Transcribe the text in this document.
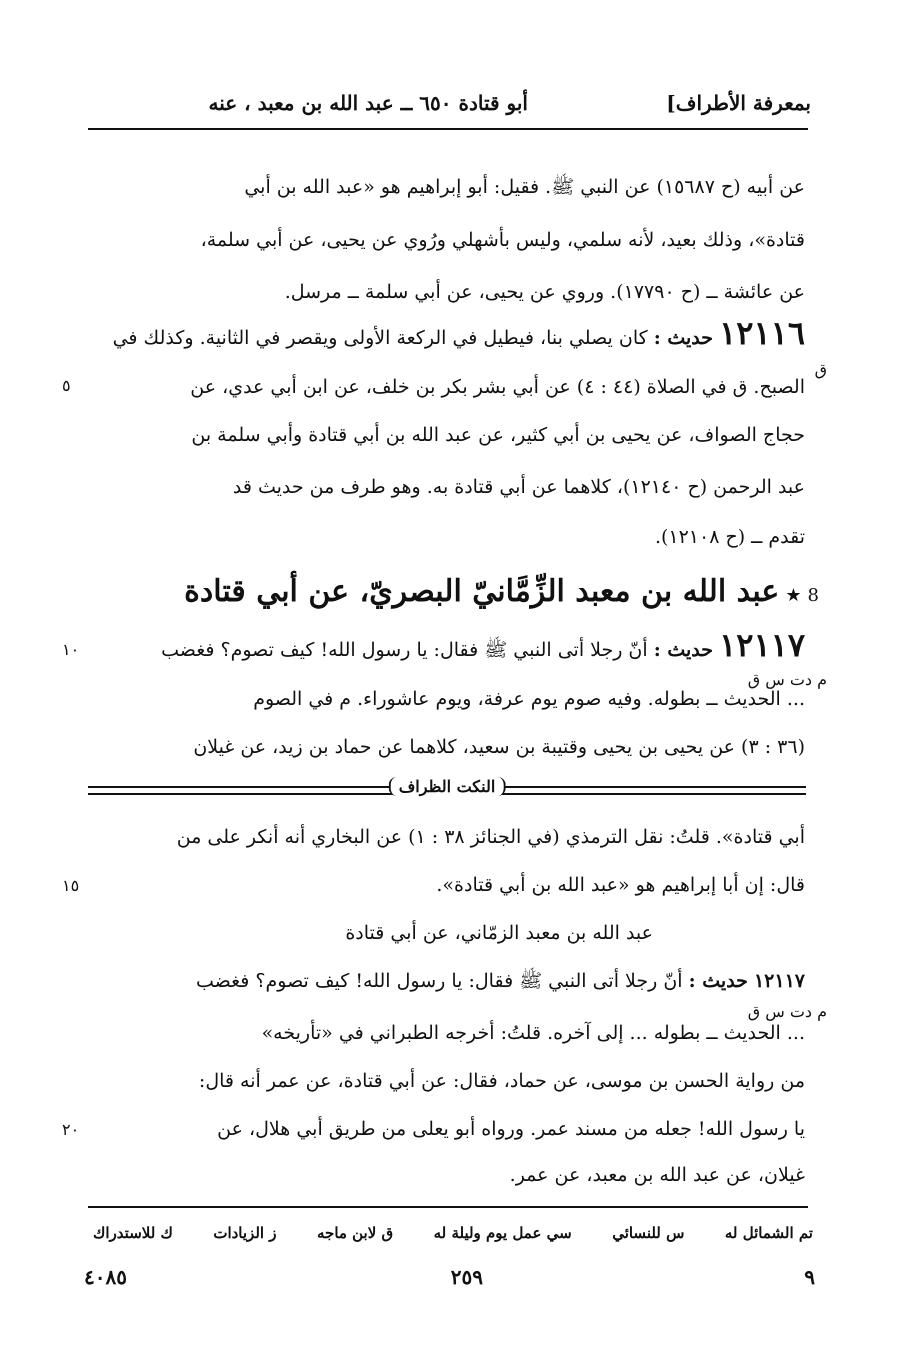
بمعرفة الأطراف]
أبو قتادة ٦٥٠ ــ عبد الله بن معبد ، عنه
عن أبيه (ح ١٥٦٨٧) عن النبي ﷺ. فقيل: أبو إبراهيم هو «عبد الله بن أبي
قتادة»، وذلك بعيد، لأنه سلمي، وليس بأشهلي ورُوي عن يحيى، عن أبي سلمة،
عن عائشة ــ (ح ١٧٧٩٠). وروي عن يحيى، عن أبي سلمة ــ مرسل.
١٢١١٦ حديث : كان يصلي بنا، فيطيل في الركعة الأولى ويقصر في الثانية. وكذلك في
ق
٥	الصبح. ق في الصلاة (٤٤ : ٤) عن أبي بشر بكر بن خلف، عن ابن أبي عدي، عن
حجاج الصواف، عن يحيى بن أبي كثير، عن عبد الله بن أبي قتادة وأبي سلمة بن
عبد الرحمن (ح ١٢١٤٠)، كلاهما عن أبي قتادة به. وهو طرف من حديث قد
تقدم ــ (ح ١٢١٠٨).
8 ★ عبد الله بن معبد الزِّمَّانيّ البصريّ، عن أبي قتادة
١٢١١٧ حديث : أنّ رجلا أتى النبي ﷺ فقال: يا رسول الله! كيف تصوم؟ فغضب
م دت س ق
١٠
... الحديث ــ بطوله. وفيه صوم يوم عرفة، ويوم عاشوراء. م في الصوم
(٣٦ : ٣) عن يحيى بن يحيى وقتيبة بن سعيد، كلاهما عن حماد بن زيد، عن غيلان
النكت الظراف
أبي قتادة». قلتُ: نقل الترمذي (في الجنائز ٣٨ : ١) عن البخاري أنه أنكر على من
قال: إن أبا إبراهيم هو «عبد الله بن أبي قتادة».
١٥
عبد الله بن معبد الزمّاني، عن أبي قتادة
١٢١١٧ حديث : أنّ رجلا أتى النبي ﷺ فقال: يا رسول الله! كيف تصوم؟ فغضب
م دت س ق
... الحديث ــ بطوله ... إلى آخره. قلتُ: أخرجه الطبراني في «تأريخه»
من رواية الحسن بن موسى، عن حماد، فقال: عن أبي قتادة، عن عمر أنه قال:
يا رسول الله! جعله من مسند عمر. ورواه أبو يعلى من طريق أبي هلال، عن
٢٠
غيلان، عن عبد الله بن معبد، عن عمر.
تم الشمائل له
س للنسائي
سي عمل يوم وليلة له
ق لابن ماجه
ز الزيادات
ك للاستدراك
٩
٢٥٩
٤٠٨٥
